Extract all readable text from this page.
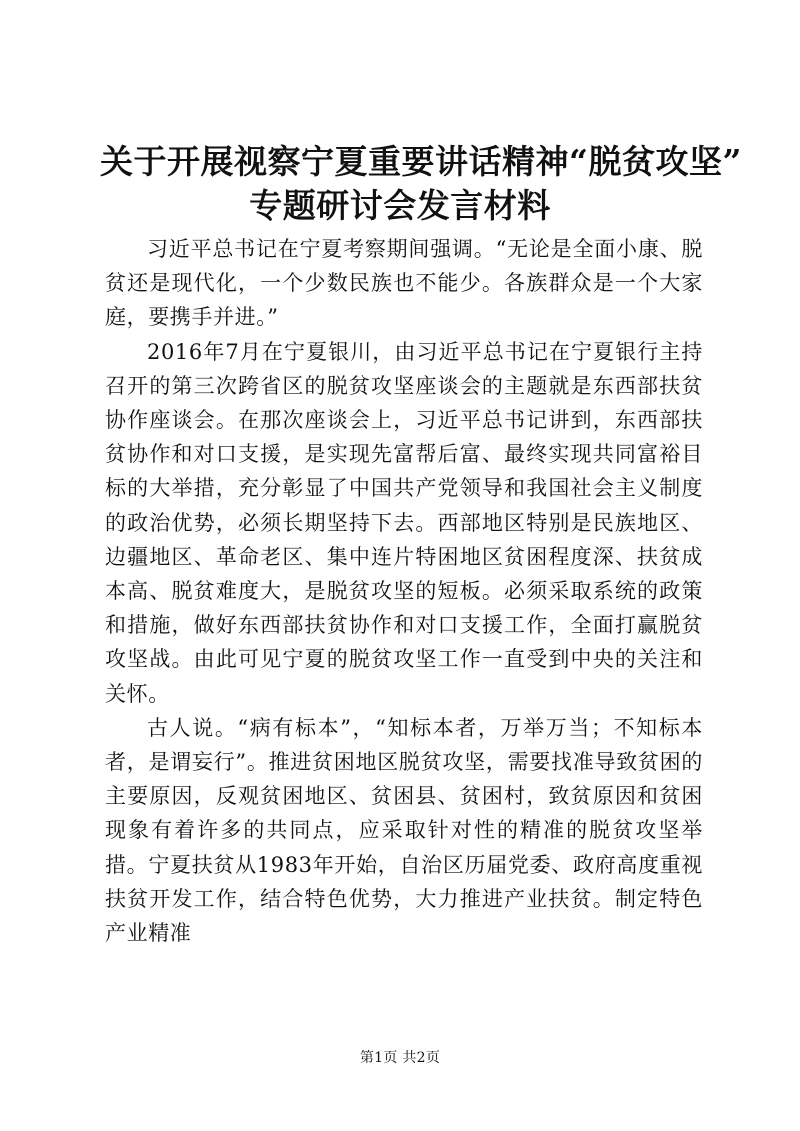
关于开展视察宁夏重要讲话精神“脱贫攻坚”
专题研讨会发言材料

习近平总书记在宁夏考察期间强调。“无论是全面小康、脱贫还是现代化，一个少数民族也不能少。各族群众是一个大家庭，要携手并进。”

2016年7月在宁夏银川，由习近平总书记在宁夏银行主持召开的第三次跨省区的脱贫攻坚座谈会的主题就是东西部扶贫协作座谈会。在那次座谈会上，习近平总书记讲到，东西部扶贫协作和对口支援，是实现先富帮后富、最终实现共同富裕目标的大举措，充分彰显了中国共产党领导和我国社会主义制度的政治优势，必须长期坚持下去。西部地区特别是民族地区、边疆地区、革命老区、集中连片特困地区贫困程度深、扶贫成本高、脱贫难度大，是脱贫攻坚的短板。必须采取系统的政策和措施，做好东西部扶贫协作和对口支援工作，全面打赢脱贫攻坚战。由此可见宁夏的脱贫攻坚工作一直受到中央的关注和关怀。

古人说。“病有标本”，“知标本者，万举万当；不知标本者，是谓妄行”。推进贫困地区脱贫攻坚，需要找准导致贫困的主要原因，反观贫困地区、贫困县、贫困村，致贫原因和贫困现象有着许多的共同点，应采取针对性的精准的脱贫攻坚举措。宁夏扶贫从1983年开始，自治区历届党委、政府高度重视扶贫开发工作，结合特色优势，大力推进产业扶贫。制定特色产业精准

第1页 共2页
